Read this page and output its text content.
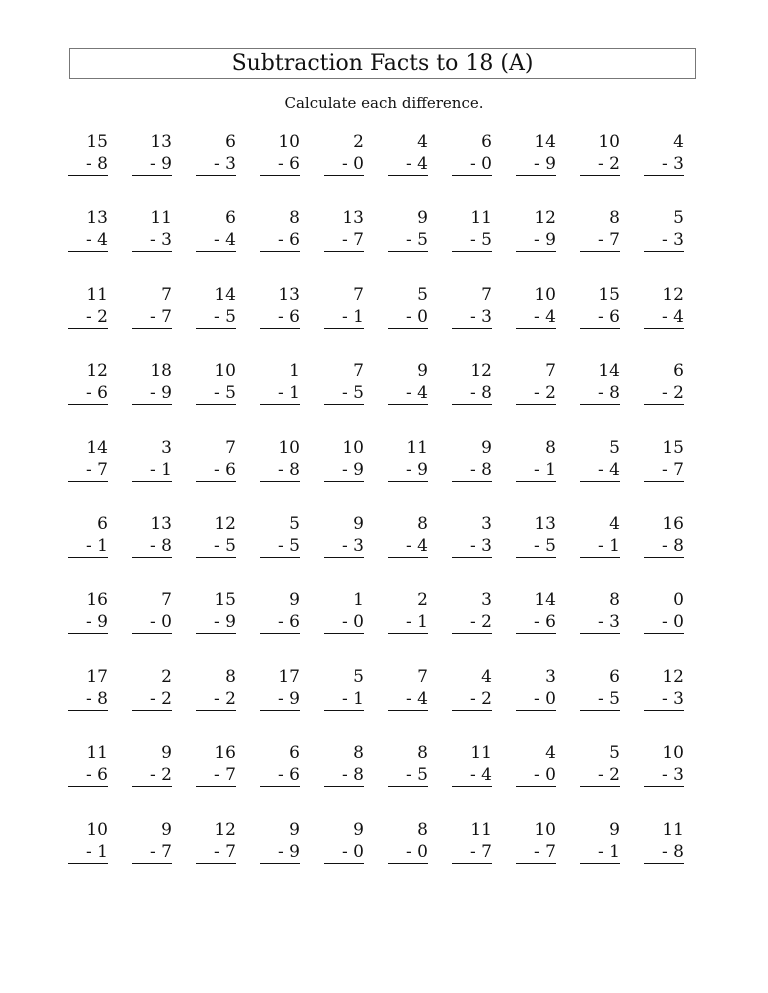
Subtraction Facts to 18 (A)
Calculate each difference.
15
- 8
13
- 9
6
- 3
10
- 6
2
- 0
4
- 4
6
- 0
14
- 9
10
- 2
4
- 3
13
- 4
11
- 3
6
- 4
8
- 6
13
- 7
9
- 5
11
- 5
12
- 9
8
- 7
5
- 3
11
- 2
7
- 7
14
- 5
13
- 6
7
- 1
5
- 0
7
- 3
10
- 4
15
- 6
12
- 4
12
- 6
18
- 9
10
- 5
1
- 1
7
- 5
9
- 4
12
- 8
7
- 2
14
- 8
6
- 2
14
- 7
3
- 1
7
- 6
10
- 8
10
- 9
11
- 9
9
- 8
8
- 1
5
- 4
15
- 7
6
- 1
13
- 8
12
- 5
5
- 5
9
- 3
8
- 4
3
- 3
13
- 5
4
- 1
16
- 8
16
- 9
7
- 0
15
- 9
9
- 6
1
- 0
2
- 1
3
- 2
14
- 6
8
- 3
0
- 0
17
- 8
2
- 2
8
- 2
17
- 9
5
- 1
7
- 4
4
- 2
3
- 0
6
- 5
12
- 3
11
- 6
9
- 2
16
- 7
6
- 6
8
- 8
8
- 5
11
- 4
4
- 0
5
- 2
10
- 3
10
- 1
9
- 7
12
- 7
9
- 9
9
- 0
8
- 0
11
- 7
10
- 7
9
- 1
11
- 8
